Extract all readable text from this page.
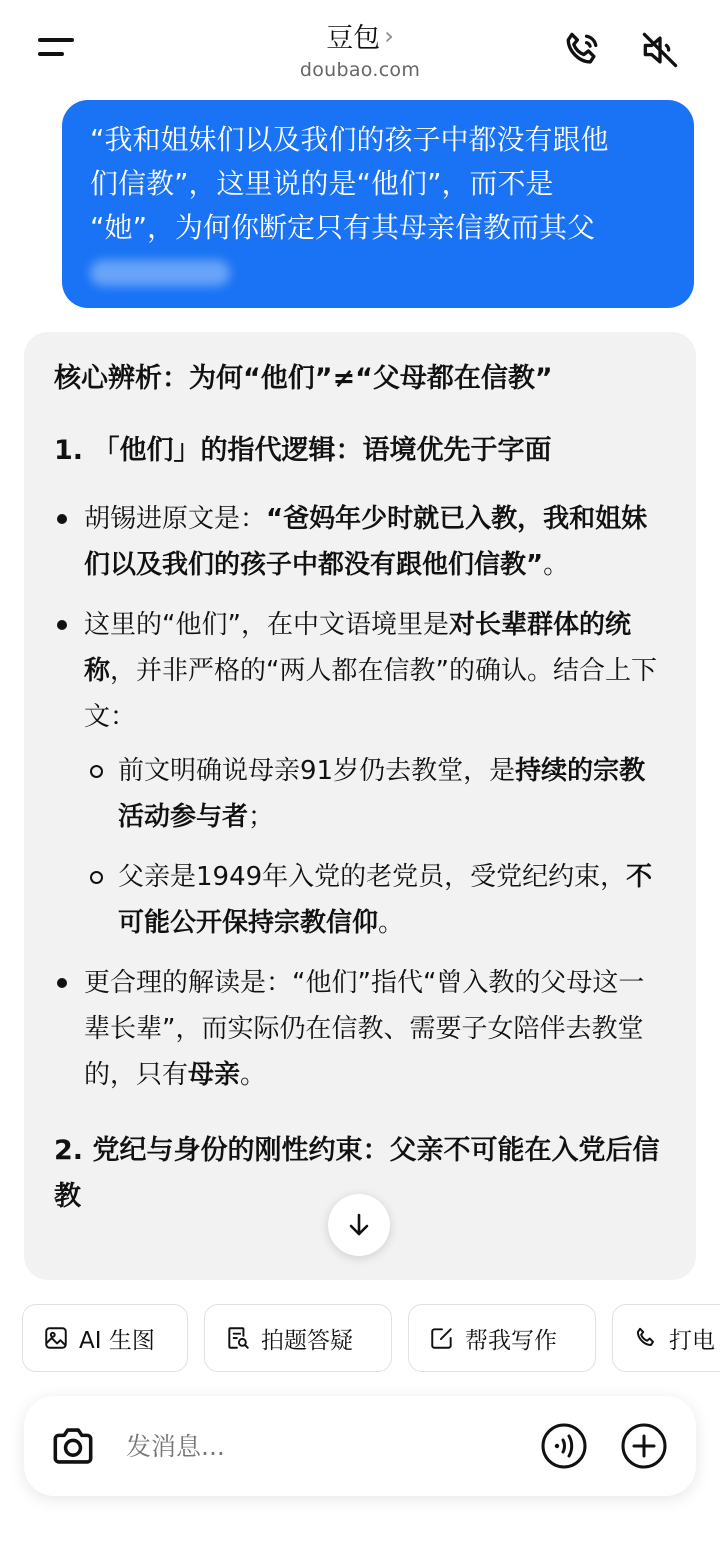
豆包 ›
doubao.com
“我和姐妹们以及我们的孩子中都没有跟他
们信教”，这里说的是“他们”，而不是
“她”，为何你断定只有其母亲信教而其父
核心辨析：为何“他们”≠“父母都在信教”
1. 「他们」的指代逻辑：语境优先于字面
胡锡进原文是：“爸妈年少时就已入教，我和姐妹们以及我们的孩子中都没有跟他们信教”。
这里的“他们”，在中文语境里是对长辈群体的统称，并非严格的“两人都在信教”的确认。结合上下文：
前文明确说母亲91岁仍去教堂，是持续的宗教活动参与者；
父亲是1949年入党的老党员，受党纪约束，不可能公开保持宗教信仰。
更合理的解读是：“他们”指代“曾入教的父母这一辈长辈”，而实际仍在信教、需要子女陪伴去教堂的，只有母亲。
2. 党纪与身份的刚性约束：父亲不可能在入党后信教
AI 生图	拍题答疑	帮我写作	打电
发消息...
